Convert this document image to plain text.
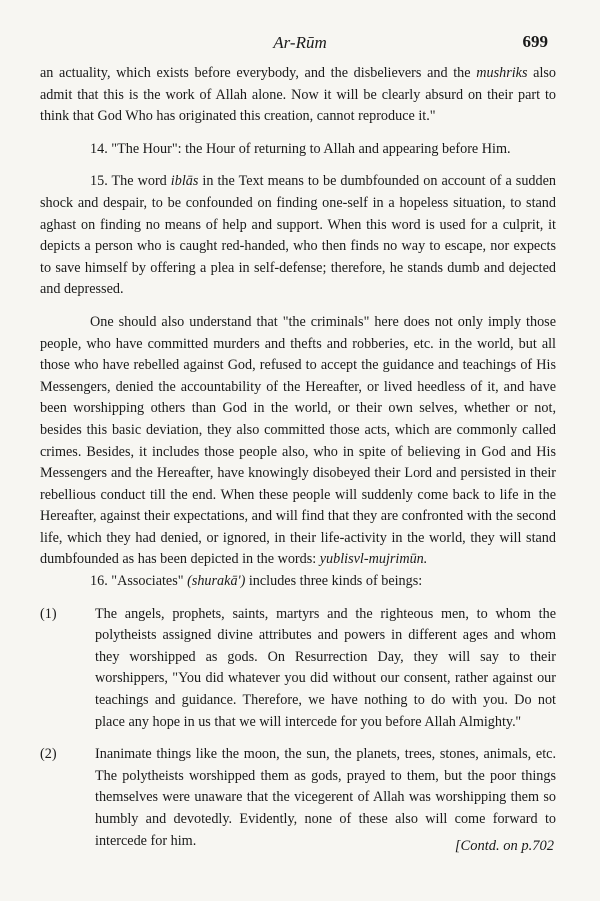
Ar-Rūm	699

an actuality, which exists before everybody, and the disbelievers and the mushriks also admit that this is the work of Allah alone. Now it will be clearly absurd on their part to think that God Who has originated this creation, cannot reproduce it."

14. "The Hour": the Hour of returning to Allah and appearing before Him.

15. The word iblās in the Text means to be dumbfounded on account of a sudden shock and despair, to be confounded on finding one-self in a hopeless situation, to stand aghast on finding no means of help and support. When this word is used for a culprit, it depicts a person who is caught red-handed, who then finds no way to escape, nor expects to save himself by offering a plea in self-defense; therefore, he stands dumb and dejected and depressed.

One should also understand that "the criminals" here does not only imply those people, who have committed murders and thefts and robberies, etc. in the world, but all those who have rebelled against God, refused to accept the guidance and teachings of His Messengers, denied the accountability of the Hereafter, or lived heedless of it, and have been worshipping others than God in the world, or their own selves, whether or not, besides this basic deviation, they also committed those acts, which are commonly called crimes. Besides, it includes those people also, who in spite of believing in God and His Messengers and the Hereafter, have knowingly disobeyed their Lord and persisted in their rebellious conduct till the end. When these people will suddenly come back to life in the Hereafter, against their expectations, and will find that they are confronted with the second life, which they had denied, or ignored, in their life-activity in the world, they will stand dumbfounded as has been depicted in the words: yublisvl-mujrimūn.

16. "Associates" (shurakā') includes three kinds of beings:

(1)	The angels, prophets, saints, martyrs and the righteous men, to whom the polytheists assigned divine attributes and powers in different ages and whom they worshipped as gods. On Resurrection Day, they will say to their worshippers, "You did whatever you did without our consent, rather against our teachings and guidance. Therefore, we have nothing to do with you. Do not place any hope in us that we will intercede for you before Allah Almighty.''
(2)	Inanimate things like the moon, the sun, the planets, trees, stones, animals, etc. The polytheists worshipped them as gods, prayed to them, but the poor things themselves were unaware that the vicegerent of Allah was worshipping them so humbly and devotedly. Evidently, none of these also will come forward to intercede for him.	[Contd. on p.702
